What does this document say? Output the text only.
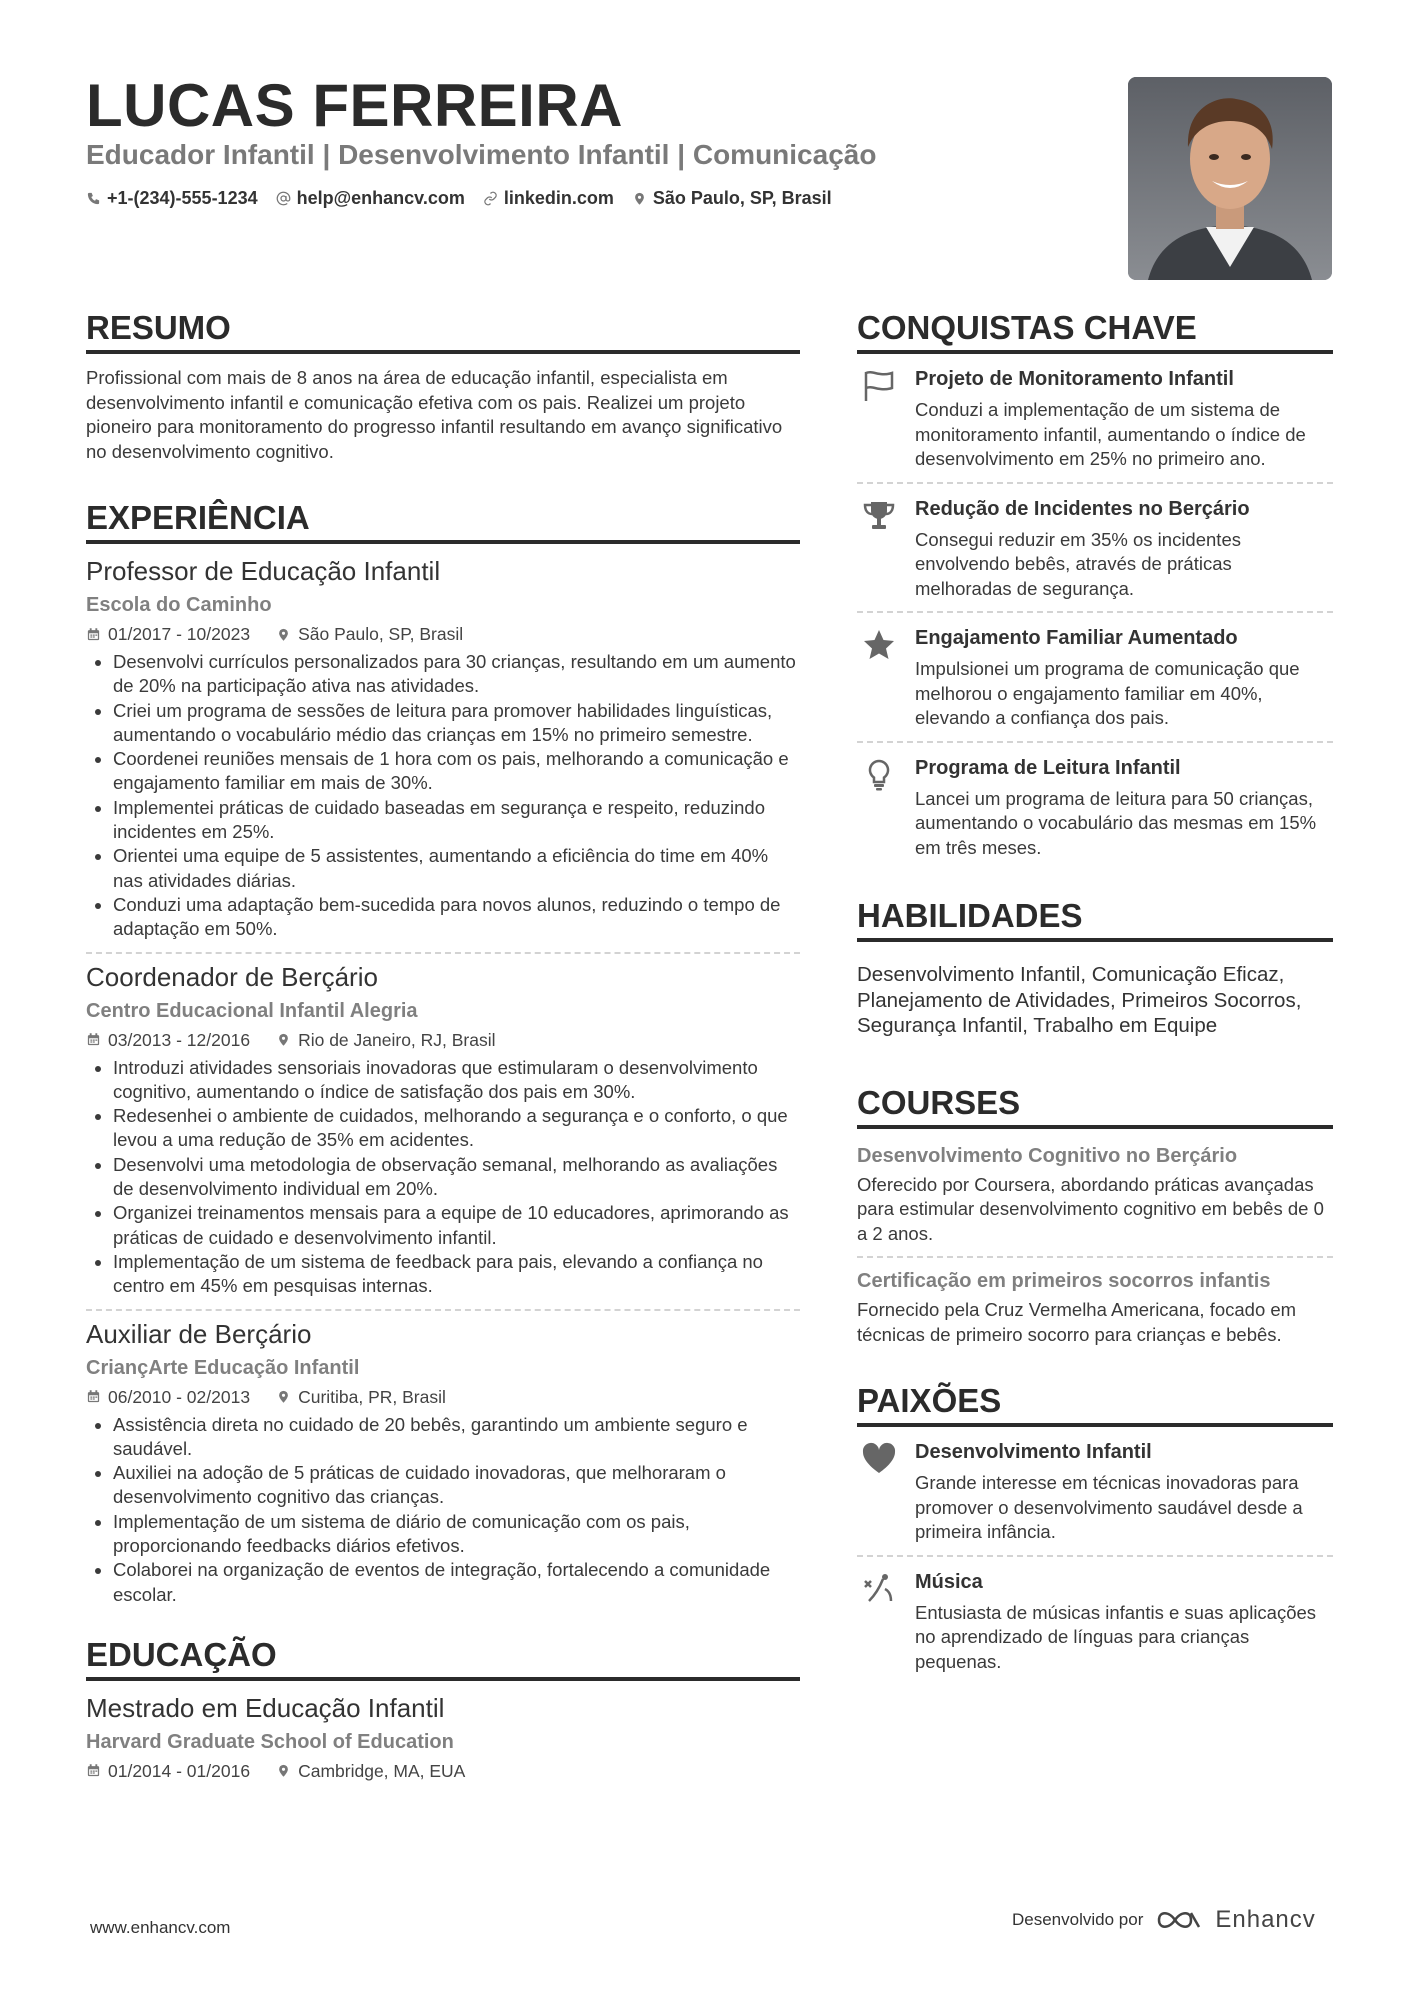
LUCAS FERREIRA
Educador Infantil | Desenvolvimento Infantil | Comunicação
+1-(234)-555-1234 help@enhancv.com linkedin.com São Paulo, SP, Brasil
RESUMO
Profissional com mais de 8 anos na área de educação infantil, especialista em desenvolvimento infantil e comunicação efetiva com os pais. Realizei um projeto pioneiro para monitoramento do progresso infantil resultando em avanço significativo no desenvolvimento cognitivo.
EXPERIÊNCIA
Professor de Educação Infantil
Escola do Caminho
01/2017 - 10/2023	São Paulo, SP, Brasil
• Desenvolvi currículos personalizados para 30 crianças, resultando em um aumento de 20% na participação ativa nas atividades.
• Criei um programa de sessões de leitura para promover habilidades linguísticas, aumentando o vocabulário médio das crianças em 15% no primeiro semestre.
• Coordenei reuniões mensais de 1 hora com os pais, melhorando a comunicação e engajamento familiar em mais de 30%.
• Implementei práticas de cuidado baseadas em segurança e respeito, reduzindo incidentes em 25%.
• Orientei uma equipe de 5 assistentes, aumentando a eficiência do time em 40% nas atividades diárias.
• Conduzi uma adaptação bem-sucedida para novos alunos, reduzindo o tempo de adaptação em 50%.
Coordenador de Berçário
Centro Educacional Infantil Alegria
03/2013 - 12/2016	Rio de Janeiro, RJ, Brasil
• Introduzi atividades sensoriais inovadoras que estimularam o desenvolvimento cognitivo, aumentando o índice de satisfação dos pais em 30%.
• Redesenhei o ambiente de cuidados, melhorando a segurança e o conforto, o que levou a uma redução de 35% em acidentes.
• Desenvolvi uma metodologia de observação semanal, melhorando as avaliações de desenvolvimento individual em 20%.
• Organizei treinamentos mensais para a equipe de 10 educadores, aprimorando as práticas de cuidado e desenvolvimento infantil.
• Implementação de um sistema de feedback para pais, elevando a confiança no centro em 45% em pesquisas internas.
Auxiliar de Berçário
CriançArte Educação Infantil
06/2010 - 02/2013	Curitiba, PR, Brasil
• Assistência direta no cuidado de 20 bebês, garantindo um ambiente seguro e saudável.
• Auxiliei na adoção de 5 práticas de cuidado inovadoras, que melhoraram o desenvolvimento cognitivo das crianças.
• Implementação de um sistema de diário de comunicação com os pais, proporcionando feedbacks diários efetivos.
• Colaborei na organização de eventos de integração, fortalecendo a comunidade escolar.
EDUCAÇÃO
Mestrado em Educação Infantil
Harvard Graduate School of Education
01/2014 - 01/2016	Cambridge, MA, EUA
CONQUISTAS CHAVE
Projeto de Monitoramento Infantil
Conduzi a implementação de um sistema de monitoramento infantil, aumentando o índice de desenvolvimento em 25% no primeiro ano.
Redução de Incidentes no Berçário
Consegui reduzir em 35% os incidentes envolvendo bebês, através de práticas melhoradas de segurança.
Engajamento Familiar Aumentado
Impulsionei um programa de comunicação que melhorou o engajamento familiar em 40%, elevando a confiança dos pais.
Programa de Leitura Infantil
Lancei um programa de leitura para 50 crianças, aumentando o vocabulário das mesmas em 15% em três meses.
HABILIDADES
Desenvolvimento Infantil, Comunicação Eficaz, Planejamento de Atividades, Primeiros Socorros, Segurança Infantil, Trabalho em Equipe
COURSES
Desenvolvimento Cognitivo no Berçário
Oferecido por Coursera, abordando práticas avançadas para estimular desenvolvimento cognitivo em bebês de 0 a 2 anos.
Certificação em primeiros socorros infantis
Fornecido pela Cruz Vermelha Americana, focado em técnicas de primeiro socorro para crianças e bebês.
PAIXÕES
Desenvolvimento Infantil
Grande interesse em técnicas inovadoras para promover o desenvolvimento saudável desde a primeira infância.
Música
Entusiasta de músicas infantis e suas aplicações no aprendizado de línguas para crianças pequenas.
www.enhancv.com	Desenvolvido por	Enhancv
